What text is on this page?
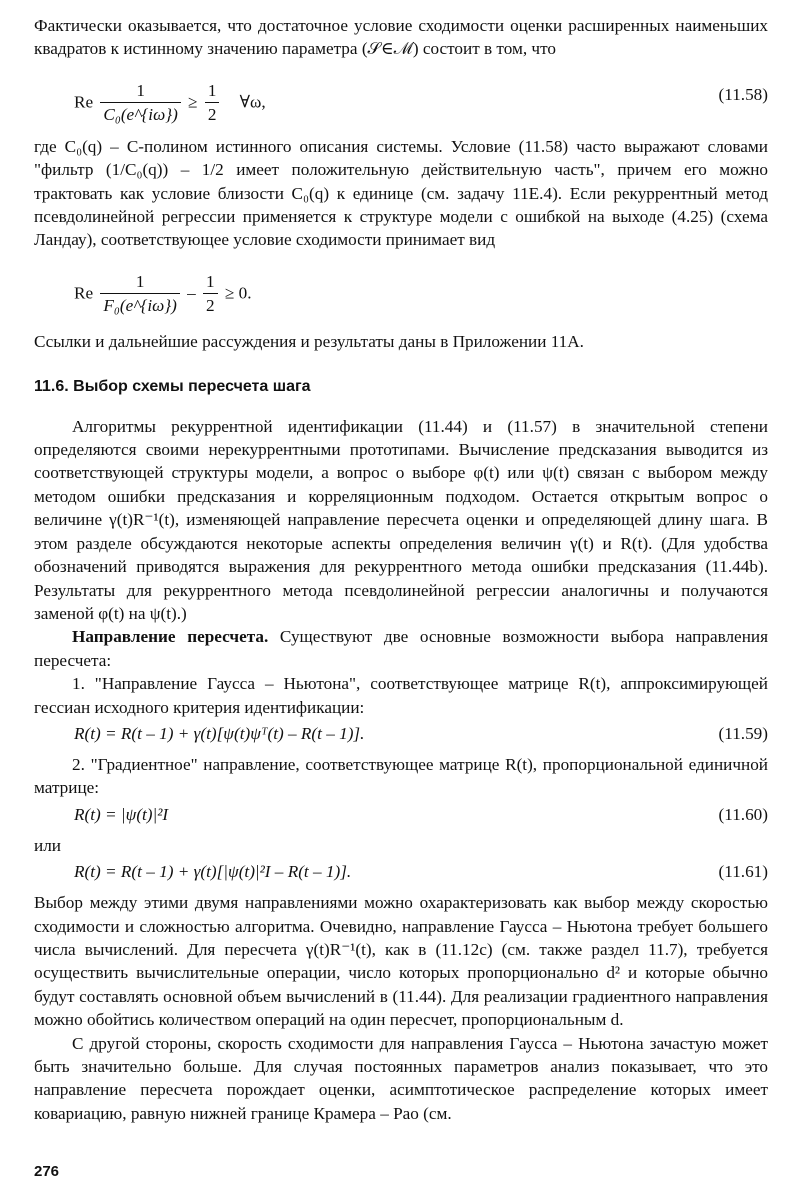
Фактически оказывается, что достаточное условие сходимости оценки расширенных наименьших квадратов к истинному значению параметра (𝒮∈ℳ) состоит в том, что

Re $\frac{1}{\text{C₀(e\textasciicircum{}\{iω\})}} \ge \frac{1}{2}$ ∀ω,	(11.58)

где C₀(q) – C-полином истинного описания системы. Условие (11.58) часто выражают словами "фильтр (1/C₀(q)) – 1/2 имеет положительную действительную часть", причем его можно трактовать как условие близости C₀(q) к единице (см. задачу 11Е.4). Если рекуррентный метод псевдолинейной регрессии применяется к структуре модели с ошибкой на выходе (4.25) (схема Ландау), соответствующее условие сходимости принимает вид

Re $\frac{1}{\text{F₀(e\textasciicircum{}\{iω\})}} - \frac{1}{2} \ge 0$.

Ссылки и дальнейшие рассуждения и результаты даны в Приложении 11А.

11.6. Выбор схемы пересчета шага

Алгоритмы рекуррентной идентификации (11.44) и (11.57) в значительной степени определяются своими нерекуррентными прототипами. Вычисление предсказания выводится из соответствующей структуры модели, а вопрос о выборе φ(t) или ψ(t) связан с выбором между методом ошибки предсказания и корреляционным подходом. Остается открытым вопрос о величине γ(t)R⁻¹(t), изменяющей направление пересчета оценки и определяющей длину шага. В этом разделе обсуждаются некоторые аспекты определения величин γ(t) и R(t). (Для удобства обозначений приводятся выражения для рекуррентного метода ошибки предсказания (11.44b). Результаты для рекуррентного метода псевдолинейной регрессии аналогичны и получаются заменой φ(t) на ψ(t).)

Направление пересчета. Существуют две основные возможности выбора направления пересчета:

1. "Направление Гаусса – Ньютона", соответствующее матрице R(t), аппроксимирующей гессиан исходного критерия идентификации:

R(t) = R(t – 1) + γ(t)[ψ(t)ψᵀ(t) – R(t – 1)].	(11.59)

2. "Градиентное" направление, соответствующее матрице R(t), пропорциональной единичной матрице:

R(t) = |ψ(t)|²I	(11.60)

или

R(t) = R(t – 1) + γ(t)[|ψ(t)|²I – R(t – 1)].	(11.61)

Выбор между этими двумя направлениями можно охарактеризовать как выбор между скоростью сходимости и сложностью алгоритма. Очевидно, направление Гаусса – Ньютона требует большего числа вычислений. Для пересчета γ(t)R⁻¹(t), как в (11.12с) (см. также раздел 11.7), требуется осуществить вычислительные операции, число которых пропорционально d² и которые обычно будут составлять основной объем вычислений в (11.44). Для реализации градиентного направления можно обойтись количеством операций на один пересчет, пропорциональным d.

С другой стороны, скорость сходимости для направления Гаусса – Ньютона зачастую может быть значительно больше. Для случая постоянных параметров анализ показывает, что это направление пересчета порождает оценки, асимптотическое распределение которых имеет ковариацию, равную нижней границе Крамера – Рао (см.

276
